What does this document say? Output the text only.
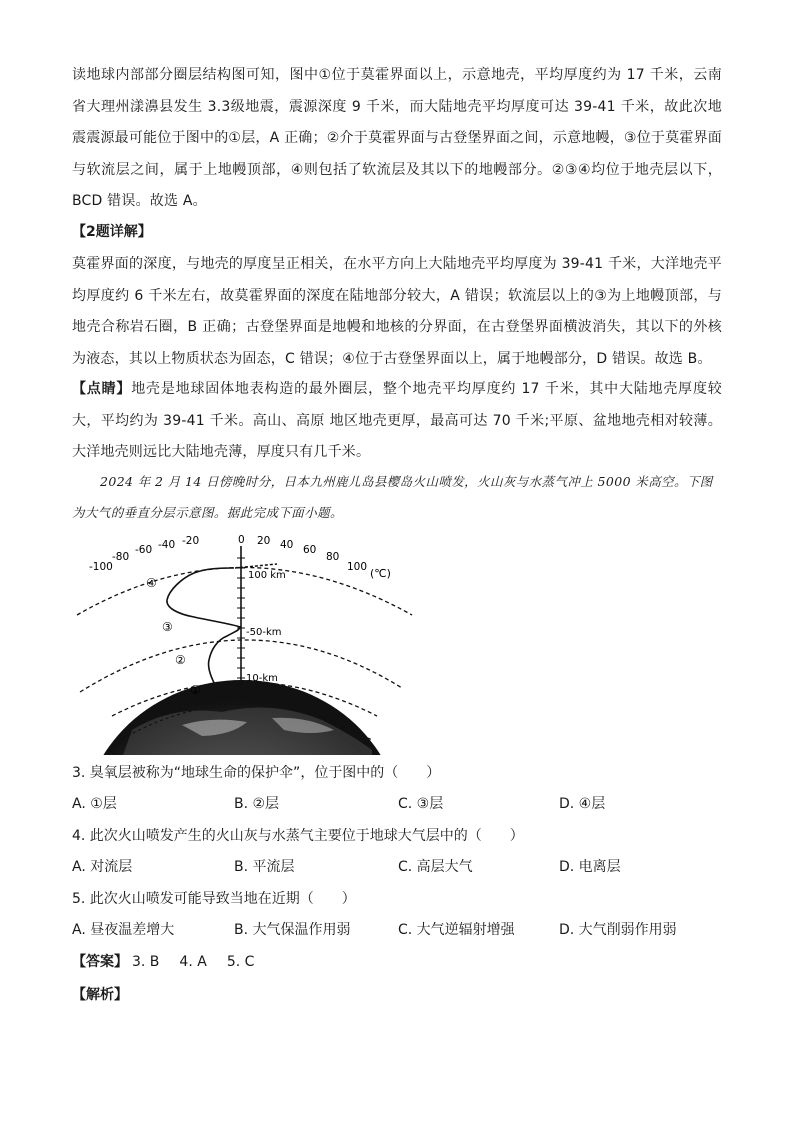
读地球内部部分圈层结构图可知，图中①位于莫霍界面以上，示意地壳，平均厚度约为 17 千米，云南省大理州漾濞县发生 3.3级地震，震源深度 9 千米，而大陆地壳平均厚度可达 39-41 千米，故此次地震震源最可能位于图中的①层，A 正确；②介于莫霍界面与古登堡界面之间，示意地幔，③位于莫霍界面与软流层之间，属于上地幔顶部，④则包括了软流层及其以下的地幔部分。②③④均位于地壳层以下，BCD 错误。故选 A。
【2题详解】
莫霍界面的深度，与地壳的厚度呈正相关，在水平方向上大陆地壳平均厚度为 39-41 千米，大洋地壳平均厚度约 6 千米左右，故莫霍界面的深度在陆地部分较大，A 错误；软流层以上的③为上地幔顶部，与地壳合称岩石圈，B 正确；古登堡界面是地幔和地核的分界面，在古登堡界面横波消失，其以下的外核为液态，其以上物质状态为固态，C 错误；④位于古登堡界面以上，属于地幔部分，D 错误。故选 B。
【点睛】地壳是地球固体地表构造的最外圈层，整个地壳平均厚度约 17 千米，其中大陆地壳厚度较大，平均约为 39-41 千米。高山、高原 地区地壳更厚，最高可达 70 千米;平原、盆地地壳相对较薄。大洋地壳则远比大陆地壳薄，厚度只有几千米。
2024 年 2 月 14 日傍晚时分，日本九州鹿儿岛县樱岛火山喷发，火山灰与水蒸气冲上 5000 米高空。下图为大气的垂直分层示意图。据此完成下面小题。
-100
-80
-60 -40 -20	0 20 40 60
80
100 (℃)
100 km
-50-km
10-km
④
③
②
①
3. 臭氧层被称为“地球生命的保护伞”，位于图中的（　　）
A. ①层	B. ②层	C. ③层	D. ④层
4. 此次火山喷发产生的火山灰与水蒸气主要位于地球大气层中的（　　）
A. 对流层	B. 平流层	C. 高层大气	D. 电离层
5. 此次火山喷发可能导致当地在近期（　　）
A. 昼夜温差增大	B. 大气保温作用弱	C. 大气逆辐射增强	D. 大气削弱作用弱
【答案】 3. B 4. A 5. C
【解析】
